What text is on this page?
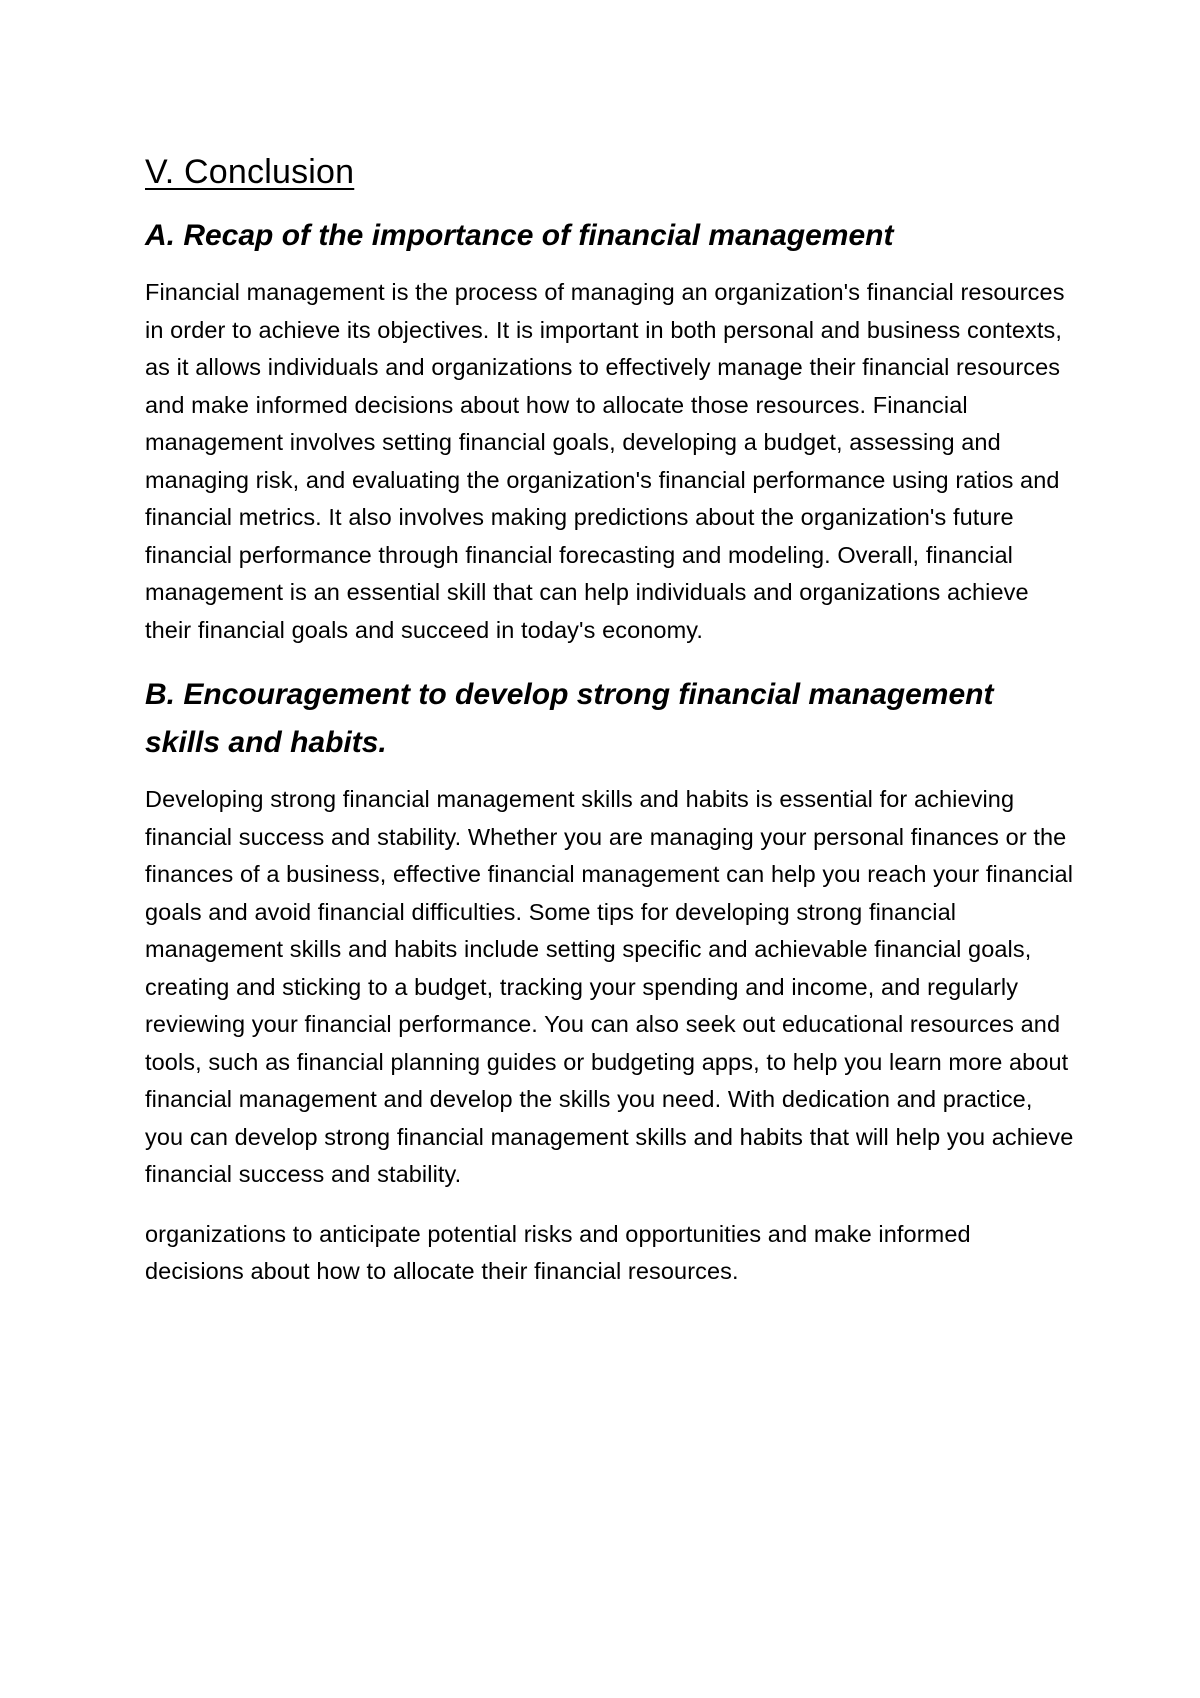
V. Conclusion
A. Recap of the importance of financial management

Financial management is the process of managing an organization's financial resources in order to achieve its objectives. It is important in both personal and business contexts, as it allows individuals and organizations to effectively manage their financial resources and make informed decisions about how to allocate those resources. Financial management involves setting financial goals, developing a budget, assessing and managing risk, and evaluating the organization's financial performance using ratios and financial metrics. It also involves making predictions about the organization's future financial performance through financial forecasting and modeling. Overall, financial management is an essential skill that can help individuals and organizations achieve their financial goals and succeed in today's economy.

B. Encouragement to develop strong financial management skills and habits.

Developing strong financial management skills and habits is essential for achieving financial success and stability. Whether you are managing your personal finances or the finances of a business, effective financial management can help you reach your financial goals and avoid financial difficulties. Some tips for developing strong financial management skills and habits include setting specific and achievable financial goals, creating and sticking to a budget, tracking your spending and income, and regularly reviewing your financial performance. You can also seek out educational resources and tools, such as financial planning guides or budgeting apps, to help you learn more about financial management and develop the skills you need. With dedication and practice, you can develop strong financial management skills and habits that will help you achieve financial success and stability.

organizations to anticipate potential risks and opportunities and make informed decisions about how to allocate their financial resources.
